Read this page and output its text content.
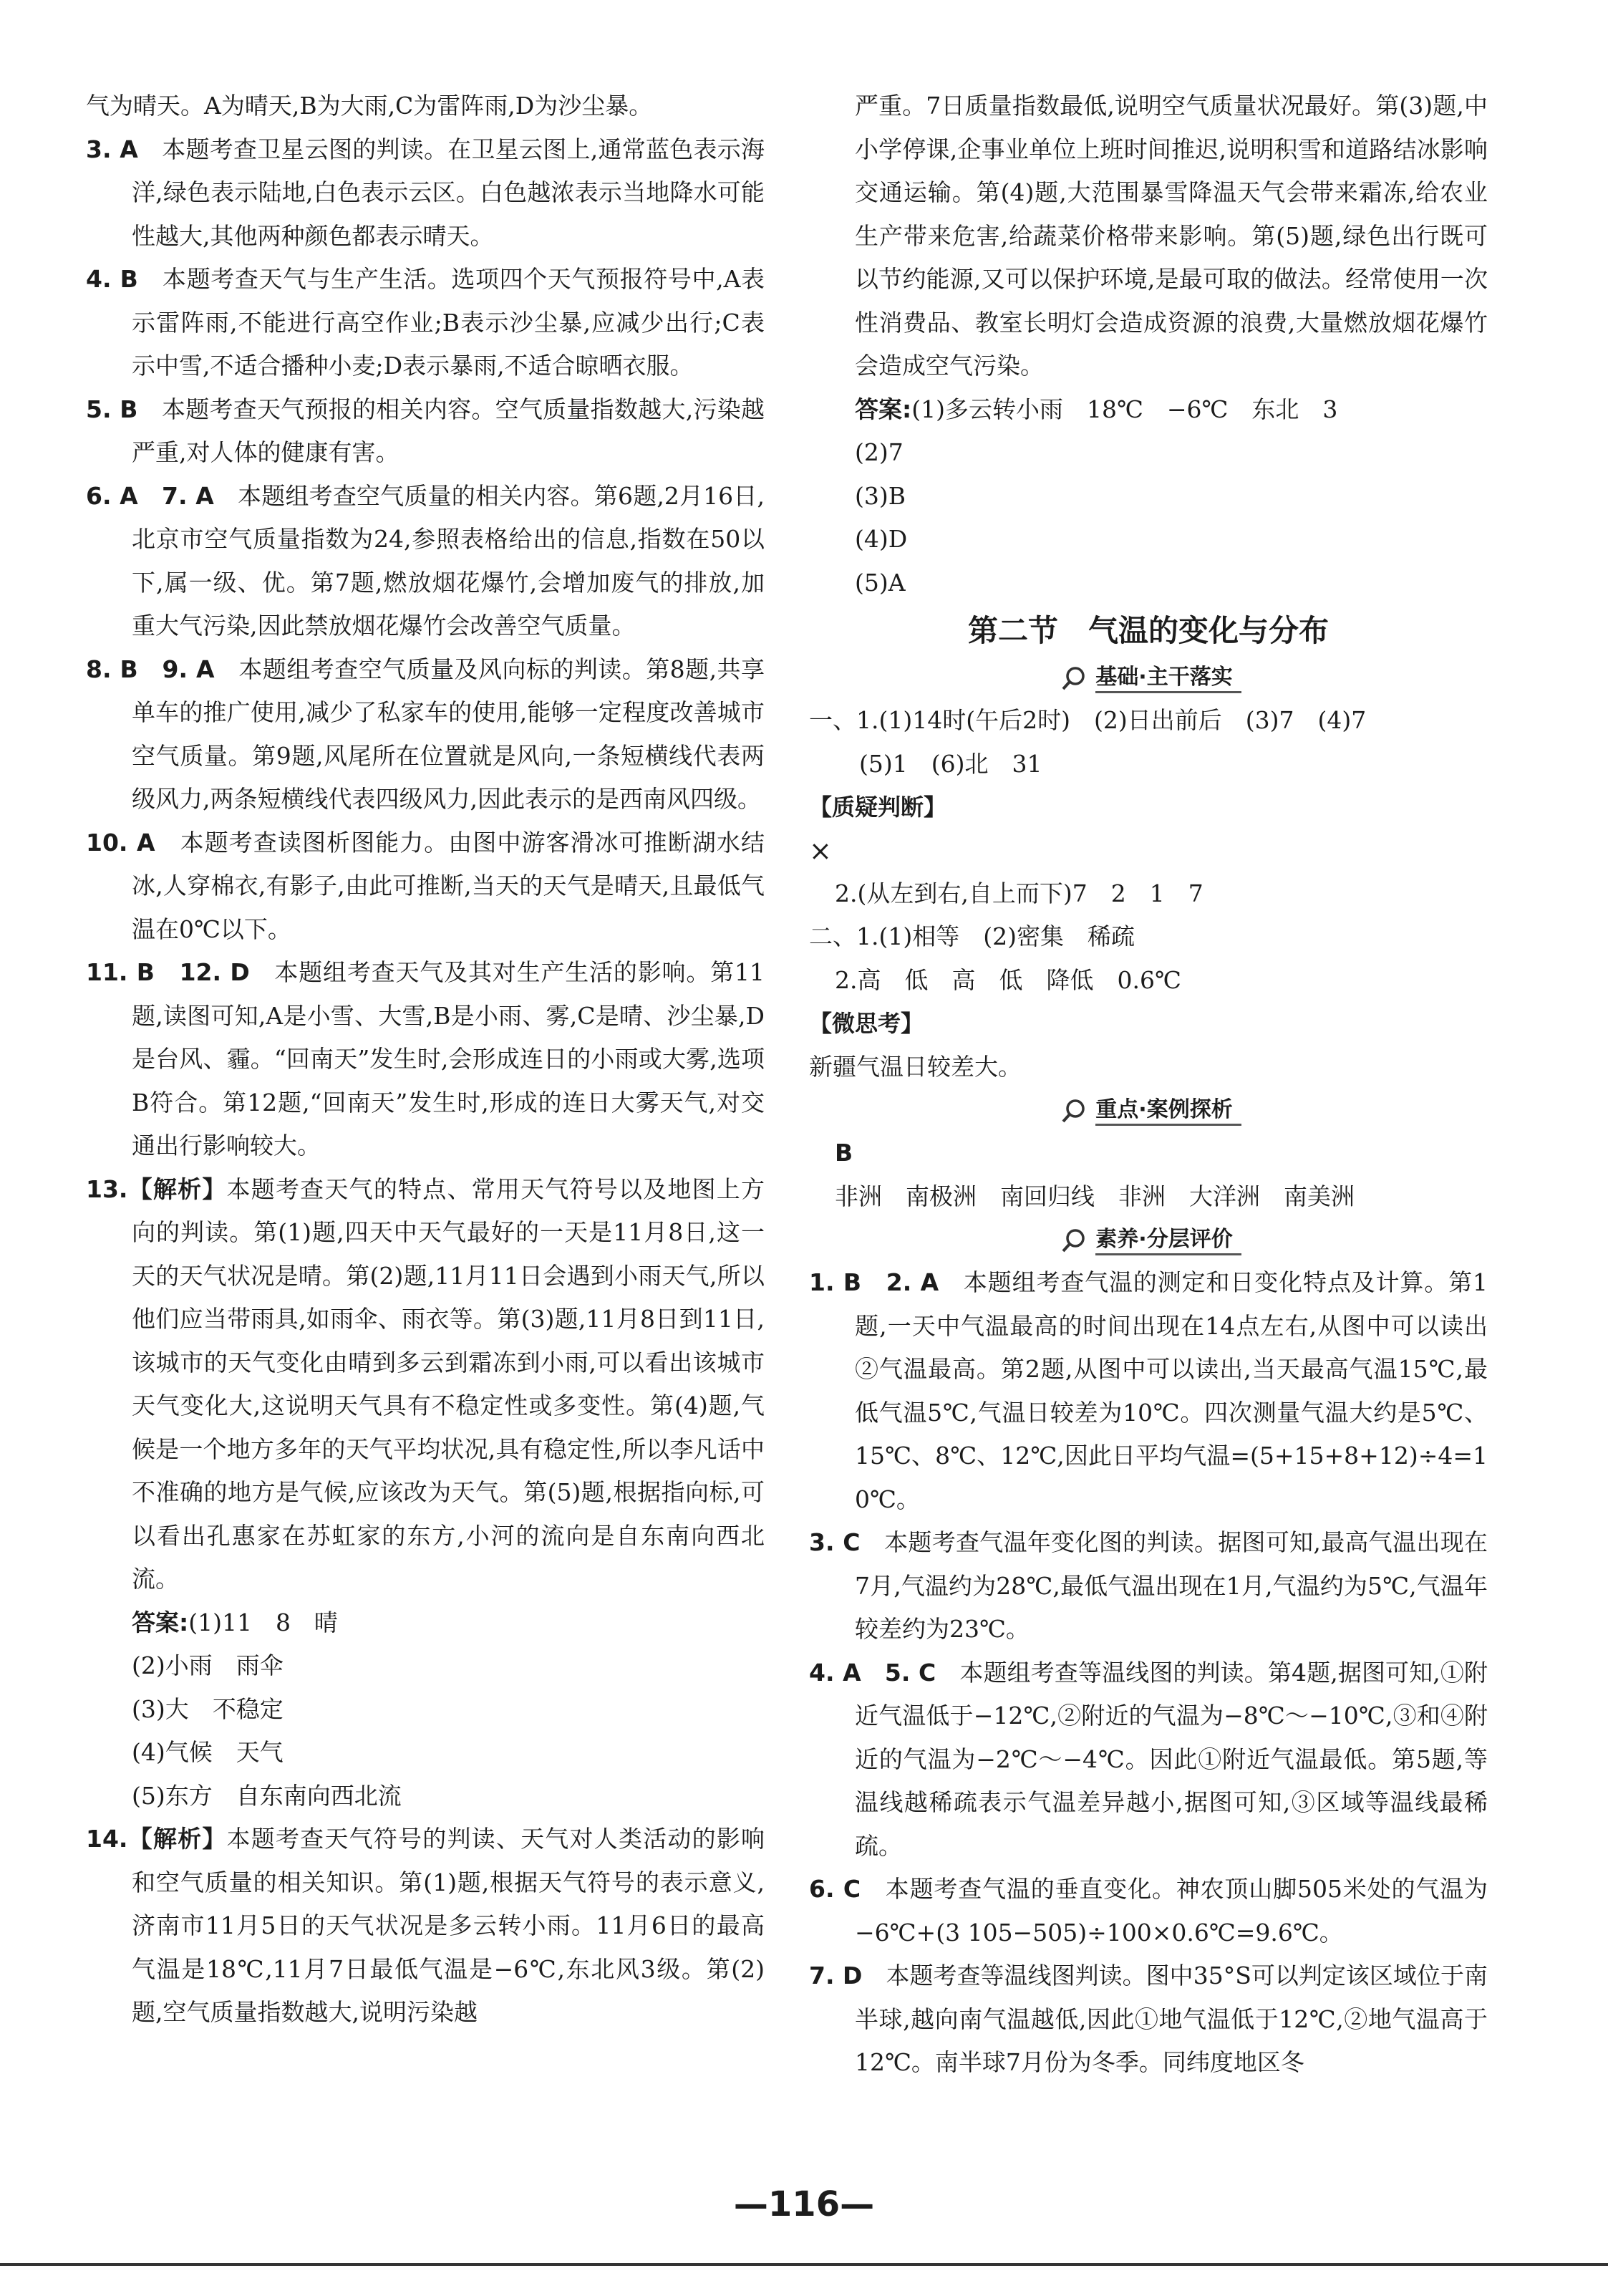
气为晴天。A为晴天,B为大雨,C为雷阵雨,D为沙尘暴。

3. A　 本题考查卫星云图的判读。在卫星云图上,通常蓝色表示海洋,绿色表示陆地,白色表示云区。白色越浓表示当地降水可能性越大,其他两种颜色都表示晴天。

4. B　 本题考查天气与生产生活。选项四个天气预报符号中,A表示雷阵雨,不能进行高空作业;B表示沙尘暴,应减少出行;C表示中雪,不适合播种小麦;D表示暴雨,不适合晾晒衣服。

5. B　 本题考查天气预报的相关内容。空气质量指数越大,污染越严重,对人体的健康有害。

6. A　7. A　 本题组考查空气质量的相关内容。第6题,2月16日,北京市空气质量指数为24,参照表格给出的信息,指数在50以下,属一级、优。第7题,燃放烟花爆竹,会增加废气的排放,加重大气污染,因此禁放烟花爆竹会改善空气质量。

8. B　9. A　 本题组考查空气质量及风向标的判读。第8题,共享单车的推广使用,减少了私家车的使用,能够一定程度改善城市空气质量。第9题,风尾所在位置就是风向,一条短横线代表两级风力,两条短横线代表四级风力,因此表示的是西南风四级。

10. A　 本题考查读图析图能力。由图中游客滑冰可推断湖水结冰,人穿棉衣,有影子,由此可推断,当天的天气是晴天,且最低气温在0℃以下。

11. B　12. D　 本题组考查天气及其对生产生活的影响。第11题,读图可知,A是小雪、大雪,B是小雨、雾,C是晴、沙尘暴,D是台风、霾。“回南天”发生时,会形成连日的小雨或大雾,选项B符合。第12题,“回南天”发生时,形成的连日大雾天气,对交通出行影响较大。

13.【解析】本题考查天气的特点、常用天气符号以及地图上方向的判读。第(1)题,四天中天气最好的一天是11月8日,这一天的天气状况是晴。第(2)题,11月11日会遇到小雨天气,所以他们应当带雨具,如雨伞、雨衣等。第(3)题,11月8日到11日,该城市的天气变化由晴到多云到霜冻到小雨,可以看出该城市天气变化大,这说明天气具有不稳定性或多变性。第(4)题,气候是一个地方多年的天气平均状况,具有稳定性,所以李凡话中不准确的地方是气候,应该改为天气。第(5)题,根据指向标,可以看出孔惠家在苏虹家的东方,小河的流向是自东南向西北流。

答案:(1)11　8　晴

(2)小雨　雨伞

(3)大　不稳定

(4)气候　天气

(5)东方　自东南向西北流

14.【解析】本题考查天气符号的判读、天气对人类活动的影响和空气质量的相关知识。第(1)题,根据天气符号的表示意义,济南市11月5日的天气状况是多云转小雨。11月6日的最高气温是18℃,11月7日最低气温是−6℃,东北风3级。第(2)题,空气质量指数越大,说明污染越

严重。7日质量指数最低,说明空气质量状况最好。第(3)题,中小学停课,企事业单位上班时间推迟,说明积雪和道路结冰影响交通运输。第(4)题,大范围暴雪降温天气会带来霜冻,给农业生产带来危害,给蔬菜价格带来影响。第(5)题,绿色出行既可以节约能源,又可以保护环境,是最可取的做法。经常使用一次性消费品、教室长明灯会造成资源的浪费,大量燃放烟花爆竹会造成空气污染。

答案:(1)多云转小雨　18℃　−6℃　东北　3

(2)7

(3)B

(4)D

(5)A

第二节　气温的变化与分布
基础·主干落实

一、1.(1)14时(午后2时)　(2)日出前后　(3)7　(4)7

(5)1　(6)北　31

【质疑判断】

×

2.(从左到右,自上而下)7　2　1　7

二、1.(1)相等　(2)密集　稀疏

2.高　低　高　低　降低　0.6℃

【微思考】

新疆气温日较差大。

重点·案例探析

B

非洲　南极洲　南回归线　非洲　大洋洲　南美洲

素养·分层评价

1. B　2. A　 本题组考查气温的测定和日变化特点及计算。第1题,一天中气温最高的时间出现在14点左右,从图中可以读出②气温最高。第2题,从图中可以读出,当天最高气温15℃,最低气温5℃,气温日较差为10℃。四次测量气温大约是5℃、15℃、8℃、12℃,因此日平均气温=(5+15+8+12)÷4=10℃。

3. C　 本题考查气温年变化图的判读。据图可知,最高气温出现在7月,气温约为28℃,最低气温出现在1月,气温约为5℃,气温年较差约为23℃。

4. A　5. C　 本题组考查等温线图的判读。第4题,据图可知,①附近气温低于−12℃,②附近的气温为−8℃～−10℃,③和④附近的气温为−2℃～−4℃。因此①附近气温最低。第5题,等温线越稀疏表示气温差异越小,据图可知,③区域等温线最稀疏。

6. C　 本题考查气温的垂直变化。神农顶山脚505米处的气温为−6℃+(3 105−505)÷100×0.6℃=9.6℃。

7. D　 本题考查等温线图判读。图中35°S可以判定该区域位于南半球,越向南气温越低,因此①地气温低于12℃,②地气温高于12℃。南半球7月份为冬季。同纬度地区冬

—116—
